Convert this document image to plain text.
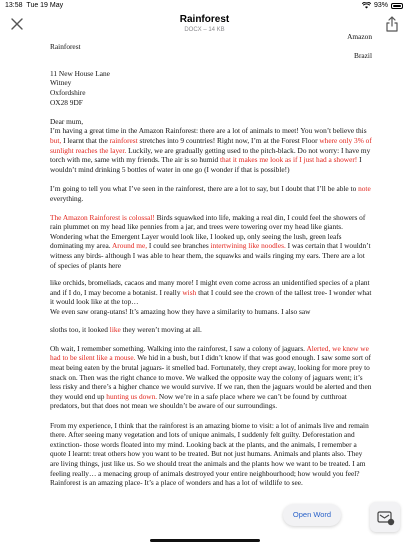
13:58 Tue 19 May	93%
Rainforest
DOCX – 14 KB

Amazon

Rainforest

Brazil

11 New House Lane

Witney

Oxfordshire

OX28 9DF

Dear mum,

I’m having a great time in the Amazon Rainforest: there are a lot of animals to meet! You won’t believe this but, I learnt that the rainforest stretches into 9 countries! Right now, I’m at the Forest Floor where only 3% of sunlight reaches the layer. Luckily, we are gradually getting used to the pitch-black. Do not worry: I have my torch with me, same with my friends. The air is so humid that it makes me look as if I just had a shower! I wouldn’t mind drinking 5 bottles of water in one go (I wonder if that is possible!)

I’m going to tell you what I’ve seen in the rainforest, there are a lot to say, but I doubt that I’ll be able to note everything.

The Amazon Rainforest is colossal! Birds squawked into life, making a real din, I could feel the showers of rain plummet on my head like pennies from a jar, and trees were towering over my head like giants. Wondering what the Emergent Layer would look like, I looked up, only seeing the lush, green leafs dominating my area. Around me, I could see branches intertwining like noodles. I was certain that I wouldn’t witness any birds- although I was able to hear them, the squawks and wails ringing my ears. There are a lot of species of plants here

like orchids, bromeliads, cacaos and many more! I might even come across an unidentified species of a plant and if I do, I may become a botanist. I really wish that I could see the crown of the tallest tree- I wonder what it would look like at the top…

We even saw orang-utans! It’s amazing how they have a similarity to humans. I also saw

sloths too, it looked like they weren’t moving at all.

Oh wait, I remember something. Walking into the rainforest, I saw a colony of jaguars. Alerted, we knew we had to be silent like a mouse. We hid in a bush, but I didn’t know if that was good enough. I saw some sort of meat being eaten by the brutal jaguars- it smelled bad. Fortunately, they crept away, looking for more prey to snack on. Then was the right chance to move. We walked the opposite way the colony of jaguars went; it’s less risky and there’s a higher chance we would survive. If we ran, then the jaguars would be alerted and then they would end up hunting us down. Now we’re in a safe place where we can’t be found by cutthroat predators, but that does not mean we shouldn’t be aware of our surroundings.

From my experience, I think that the rainforest is an amazing biome to visit: a lot of animals live and remain there. After seeing many vegetation and lots of unique animals, I suddenly felt guilty. Deforestation and extinction- those words floated into my mind. Looking back at the plants, and the animals, I remember a quote I learnt: treat others how you want to be treated. But not just humans. Animals and plants also. They are living things, just like us. So we should treat the animals and the plants how we want to be treated. I am feeling really… a menacing group of animals destroyed your entire neighbourhood; how would you feel? Rainforest is an amazing place- It’s a place of wonders and has a lot of wildlife to see.

Open Word
